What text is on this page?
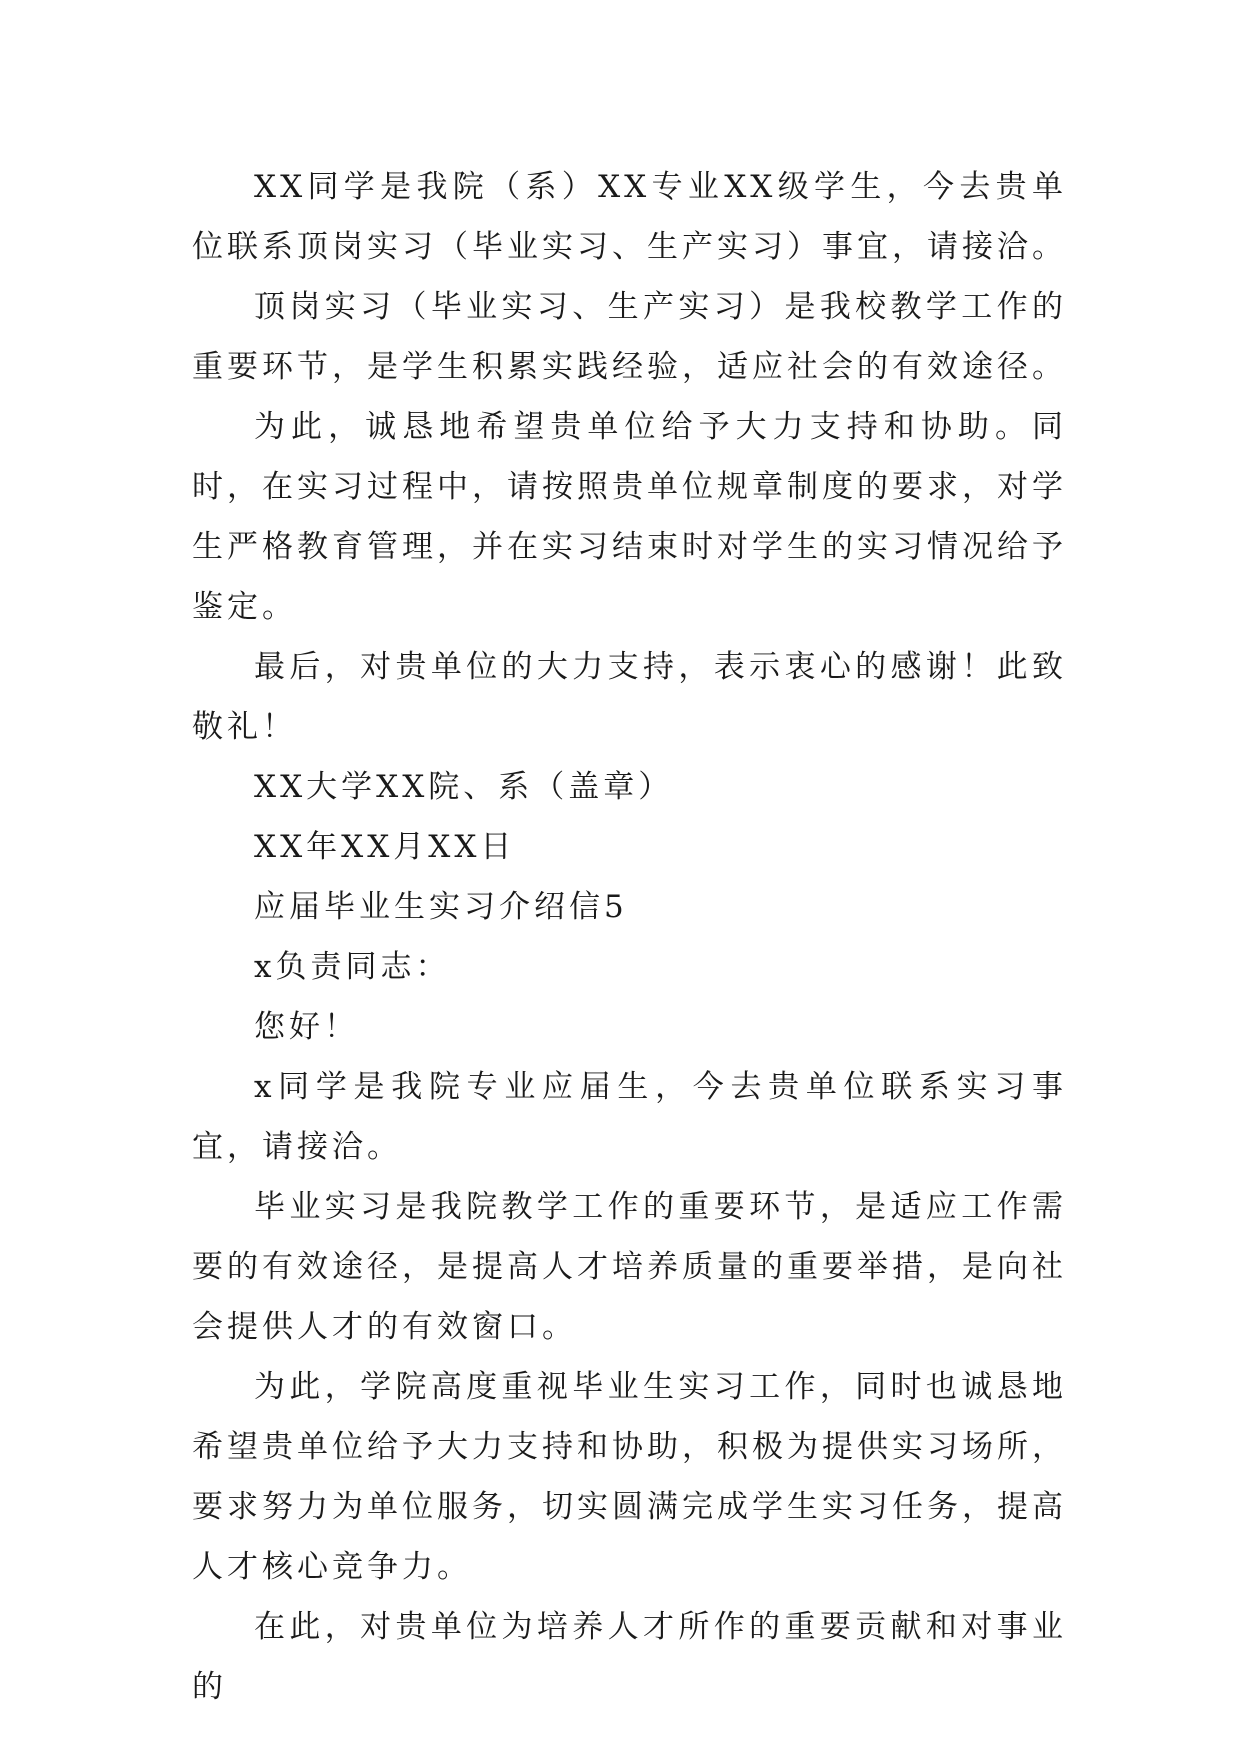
XX同学是我院（系）XX专业XX级学生，今去贵单位联系顶岗实习（毕业实习、生产实习）事宜，请接洽。

顶岗实习（毕业实习、生产实习）是我校教学工作的重要环节，是学生积累实践经验，适应社会的有效途径。

为此，诚恳地希望贵单位给予大力支持和协助。同时，在实习过程中，请按照贵单位规章制度的要求，对学生严格教育管理，并在实习结束时对学生的实习情况给予鉴定。

最后，对贵单位的大力支持，表示衷心的感谢！此致敬礼！

XX大学XX院、系（盖章）

XX年XX月XX日

应届毕业生实习介绍信5

x负责同志：

您好！

x同学是我院专业应届生，今去贵单位联系实习事宜，请接洽。

毕业实习是我院教学工作的重要环节，是适应工作需要的有效途径，是提高人才培养质量的重要举措，是向社会提供人才的有效窗口。

为此，学院高度重视毕业生实习工作，同时也诚恳地希望贵单位给予大力支持和协助，积极为提供实习场所，要求努力为单位服务，切实圆满完成学生实习任务，提高人才核心竞争力。

在此，对贵单位为培养人才所作的重要贡献和对事业的
